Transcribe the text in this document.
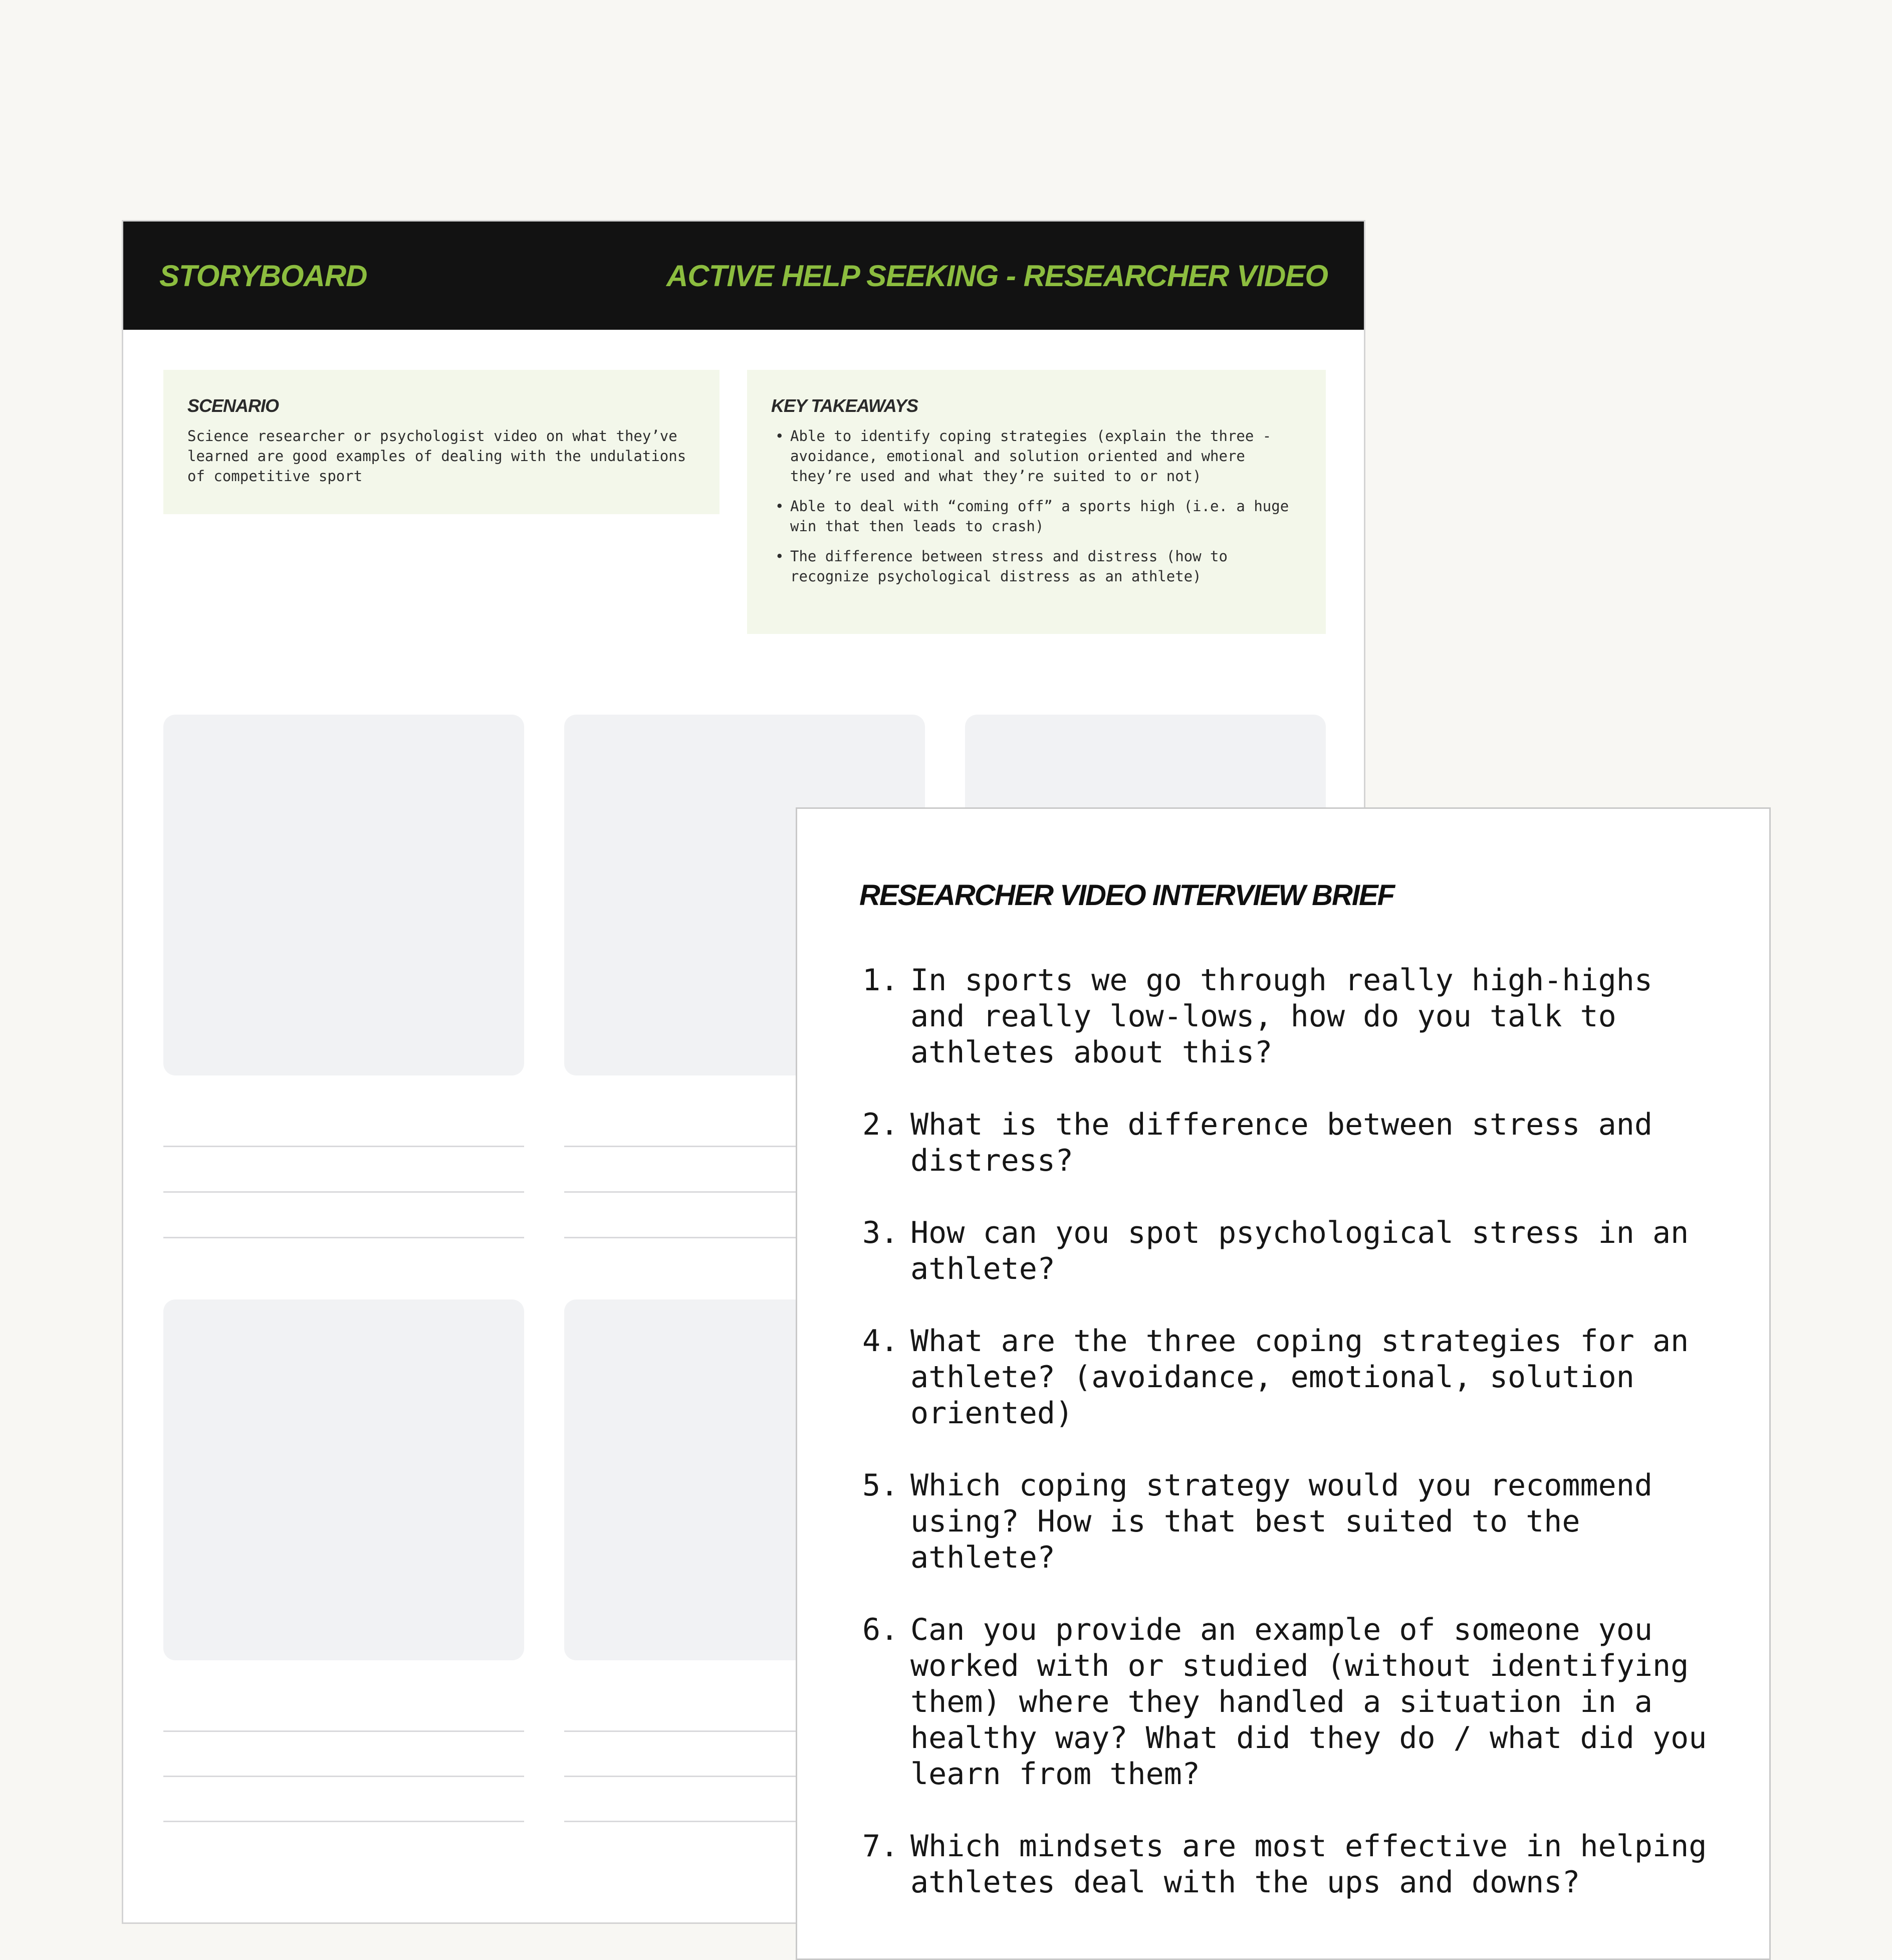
STORYBOARD	ACTIVE HELP SEEKING - RESEARCHER VIDEO
SCENARIO

Science researcher or psychologist video on what they’ve learned are good examples of dealing with the undulations of competitive sport

KEY TAKEAWAYS
• Able to identify coping strategies (explain the three - avoidance, emotional and solution oriented and where they’re used and what they’re suited to or not)
• Able to deal with “coming off” a sports high (i.e. a huge win that then leads to crash)
• The difference between stress and distress (how to recognize psychological distress as an athlete)
RESEARCHER VIDEO INTERVIEW BRIEF
1. In sports we go through really high-highs and really low-lows, how do you talk to athletes about this?
2. What is the difference between stress and distress?
3. How can you spot psychological stress in an athlete?
4. What are the three coping strategies for an athlete? (avoidance, emotional, solution oriented)
5. Which coping strategy would you recommend using? How is that best suited to the athlete?
6. Can you provide an example of someone you worked with or studied (without identifying them) where they handled a situation in a healthy way? What did they do / what did you learn from them?
7. Which mindsets are most effective in helping athletes deal with the ups and downs?
